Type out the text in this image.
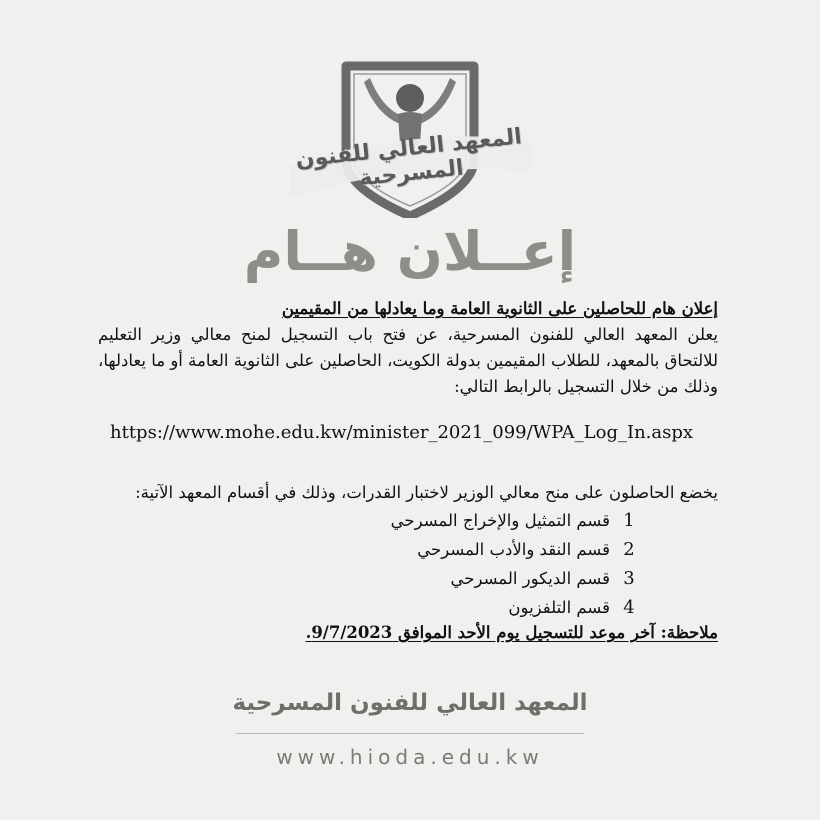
المعهد العالي للفنون المسرحية
إعــلان هــام

إعلان هام للحاصلين على الثانوية العامة وما يعادلها من المقيمين

يعلن المعهد العالي للفنون المسرحية، عن فتح باب التسجيل لمنح معالي وزير التعليم للالتحاق بالمعهد، للطلاب المقيمين بدولة الكويت، الحاصلين على الثانوية العامة أو ما يعادلها، وذلك من خلال التسجيل بالرابط التالي:

https://www.mohe.edu.kw/minister_2021_099/WPA_Log_In.aspx

يخضع الحاصلون على منح معالي الوزير لاختبار القدرات، وذلك في أقسام المعهد الآتية:

1
قسم التمثيل والإخراج المسرحي
2
قسم النقد والأدب المسرحي
3
قسم الديكور المسرحي
4
قسم التلفزيون

ملاحظة: آخر موعد للتسجيل يوم الأحد الموافق 9/7/2023.

المعهد العالي للفنون المسرحية
www.hioda.edu.kw
